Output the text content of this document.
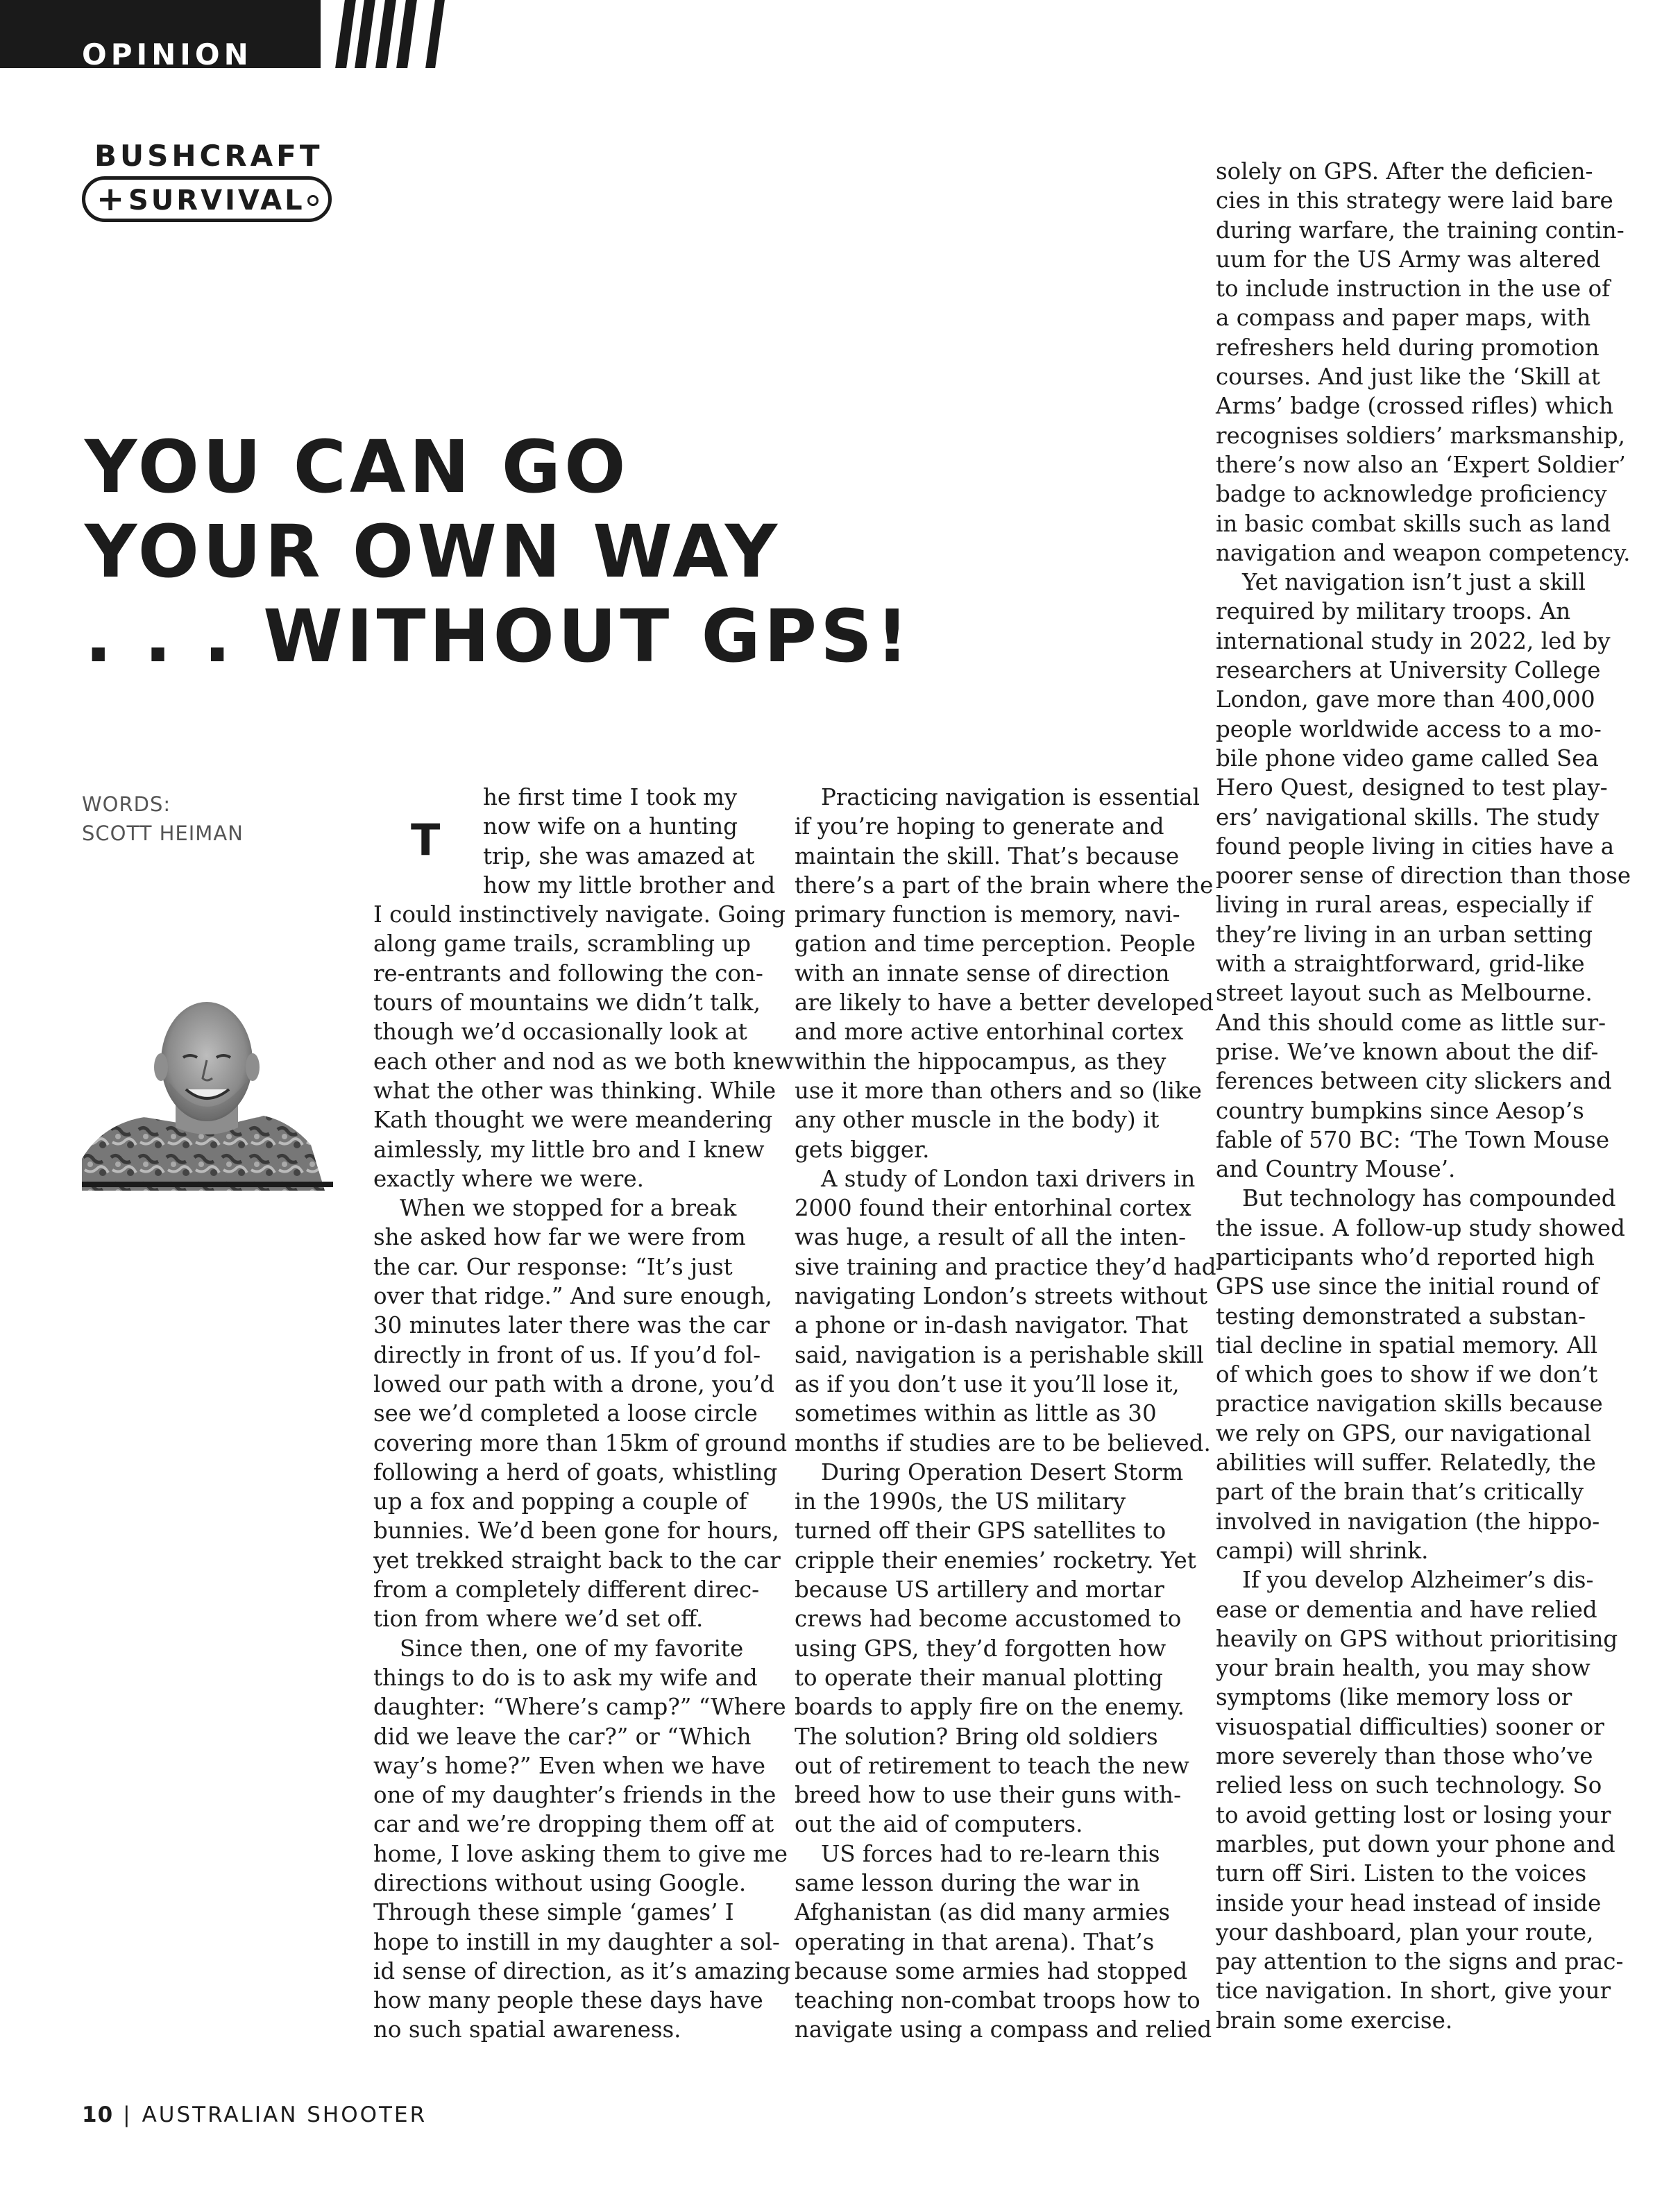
OPINION
BUSHCRAFT
+ SURVIVAL
YOU CAN GO
YOUR OWN WAY
. . . WITHOUT GPS!
WORDS:
SCOTT HEIMAN	T

he first time I took my
now wife on a hunting
trip, she was amazed at
how my little brother and
I could instinctively navigate. Going
along game trails, scrambling up
re-entrants and following the con-
tours of mountains we didn’t talk,
though we’d occasionally look at
each other and nod as we both knew
what the other was thinking. While
Kath thought we were meandering
aimlessly, my little bro and I knew
exactly where we were.

When we stopped for a break
she asked how far we were from
the car. Our response: “It’s just
over that ridge.” And sure enough,
30 minutes later there was the car
directly in front of us. If you’d fol-
lowed our path with a drone, you’d
see we’d completed a loose circle
covering more than 15km of ground
following a herd of goats, whistling
up a fox and popping a couple of
bunnies. We’d been gone for hours,
yet trekked straight back to the car
from a completely different direc-
tion from where we’d set off.

Since then, one of my favorite
things to do is to ask my wife and
daughter: “Where’s camp?” “Where
did we leave the car?” or “Which
way’s home?” Even when we have
one of my daughter’s friends in the
car and we’re dropping them off at
home, I love asking them to give me
directions without using Google.
Through these simple ‘games’ I
hope to instill in my daughter a sol-
id sense of direction, as it’s amazing
how many people these days have
no such spatial awareness.

Practicing navigation is essential
if you’re hoping to generate and
maintain the skill. That’s because
there’s a part of the brain where the
primary function is memory, navi-
gation and time perception. People
with an innate sense of direction
are likely to have a better developed
and more active entorhinal cortex
within the hippocampus, as they
use it more than others and so (like
any other muscle in the body) it
gets bigger.

A study of London taxi drivers in
2000 found their entorhinal cortex
was huge, a result of all the inten-
sive training and practice they’d had
navigating London’s streets without
a phone or in-dash navigator. That
said, navigation is a perishable skill
as if you don’t use it you’ll lose it,
sometimes within as little as 30
months if studies are to be believed.

During Operation Desert Storm
in the 1990s, the US military
turned off their GPS satellites to
cripple their enemies’ rocketry. Yet
because US artillery and mortar
crews had become accustomed to
using GPS, they’d forgotten how
to operate their manual plotting
boards to apply fire on the enemy.
The solution? Bring old soldiers
out of retirement to teach the new
breed how to use their guns with-
out the aid of computers.

US forces had to re-learn this
same lesson during the war in
Afghanistan (as did many armies
operating in that arena). That’s
because some armies had stopped
teaching non-combat troops how to
navigate using a compass and relied

solely on GPS. After the deficien-
cies in this strategy were laid bare
during warfare, the training contin-
uum for the US Army was altered
to include instruction in the use of
a compass and paper maps, with
refreshers held during promotion
courses. And just like the ‘Skill at
Arms’ badge (crossed rifles) which
recognises soldiers’ marksmanship,
there’s now also an ‘Expert Soldier’
badge to acknowledge proficiency
in basic combat skills such as land
navigation and weapon competency.

Yet navigation isn’t just a skill
required by military troops. An
international study in 2022, led by
researchers at University College
London, gave more than 400,000
people worldwide access to a mo-
bile phone video game called Sea
Hero Quest, designed to test play-
ers’ navigational skills. The study
found people living in cities have a
poorer sense of direction than those
living in rural areas, especially if
they’re living in an urban setting
with a straightforward, grid-like
street layout such as Melbourne.
And this should come as little sur-
prise. We’ve known about the dif-
ferences between city slickers and
country bumpkins since Aesop’s
fable of 570 BC: ‘The Town Mouse
and Country Mouse’.

But technology has compounded
the issue. A follow-up study showed
participants who’d reported high
GPS use since the initial round of
testing demonstrated a substan-
tial decline in spatial memory. All
of which goes to show if we don’t
practice navigation skills because
we rely on GPS, our navigational
abilities will suffer. Relatedly, the
part of the brain that’s critically
involved in navigation (the hippo-
campi) will shrink.

If you develop Alzheimer’s dis-
ease or dementia and have relied
heavily on GPS without prioritising
your brain health, you may show
symptoms (like memory loss or
visuospatial difficulties) sooner or
more severely than those who’ve
relied less on such technology. So
to avoid getting lost or losing your
marbles, put down your phone and
turn off Siri. Listen to the voices
inside your head instead of inside
your dashboard, plan your route,
pay attention to the signs and prac-
tice navigation. In short, give your
brain some exercise.

10 | AUSTRALIAN SHOOTER
